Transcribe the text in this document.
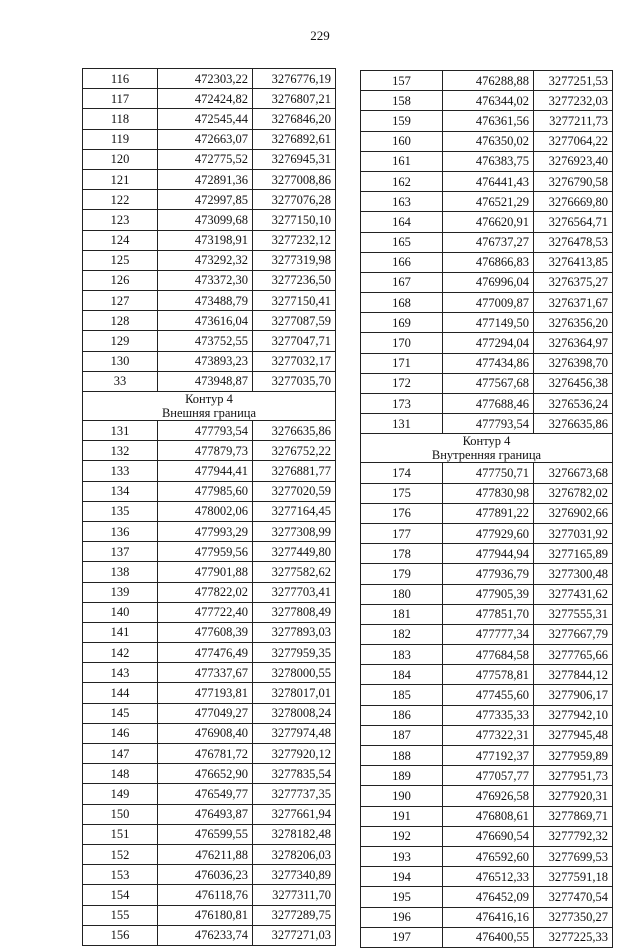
229
116	472303,22	3276776,19
117	472424,82	3276807,21
118	472545,44	3276846,20
119	472663,07	3276892,61
120	472775,52	3276945,31
121	472891,36	3277008,86
122	472997,85	3277076,28
123	473099,68	3277150,10
124	473198,91	3277232,12
125	473292,32	3277319,98
126	473372,30	3277236,50
127	473488,79	3277150,41
128	473616,04	3277087,59
129	473752,55	3277047,71
130	473893,23	3277032,17
33	473948,87	3277035,70

Контур 4
Внешняя граница		

131	477793,54	3276635,86
132	477879,73	3276752,22
133	477944,41	3276881,77
134	477985,60	3277020,59
135	478002,06	3277164,45
136	477993,29	3277308,99
137	477959,56	3277449,80
138	477901,88	3277582,62
139	477822,02	3277703,41
140	477722,40	3277808,49
141	477608,39	3277893,03
142	477476,49	3277959,35
143	477337,67	3278000,55
144	477193,81	3278017,01
145	477049,27	3278008,24
146	476908,40	3277974,48
147	476781,72	3277920,12
148	476652,90	3277835,54
149	476549,77	3277737,35
150	476493,87	3277661,94
151	476599,55	3278182,48
152	476211,88	3278206,03
153	476036,23	3277340,89
154	476118,76	3277311,70
155	476180,81	3277289,75
156	476233,74	3277271,03
157	476288,88	3277251,53
158	476344,02	3277232,03
159	476361,56	3277211,73
160	476350,02	3277064,22
161	476383,75	3276923,40
162	476441,43	3276790,58
163	476521,29	3276669,80
164	476620,91	3276564,71
165	476737,27	3276478,53
166	476866,83	3276413,85
167	476996,04	3276375,27
168	477009,87	3276371,67
169	477149,50	3276356,20
170	477294,04	3276364,97
171	477434,86	3276398,70
172	477567,68	3276456,38
173	477688,46	3276536,24
131	477793,54	3276635,86

Контур 4
Внутренняя граница		

174	477750,71	3276673,68
175	477830,98	3276782,02
176	477891,22	3276902,66
177	477929,60	3277031,92
178	477944,94	3277165,89
179	477936,79	3277300,48
180	477905,39	3277431,62
181	477851,70	3277555,31
182	477777,34	3277667,79
183	477684,58	3277765,66
184	477578,81	3277844,12
185	477455,60	3277906,17
186	477335,33	3277942,10
187	477322,31	3277945,48
188	477192,37	3277959,89
189	477057,77	3277951,73
190	476926,58	3277920,31
191	476808,61	3277869,71
192	476690,54	3277792,32
193	476592,60	3277699,53
194	476512,33	3277591,18
195	476452,09	3277470,54
196	476416,16	3277350,27
197	476400,55	3277225,33
